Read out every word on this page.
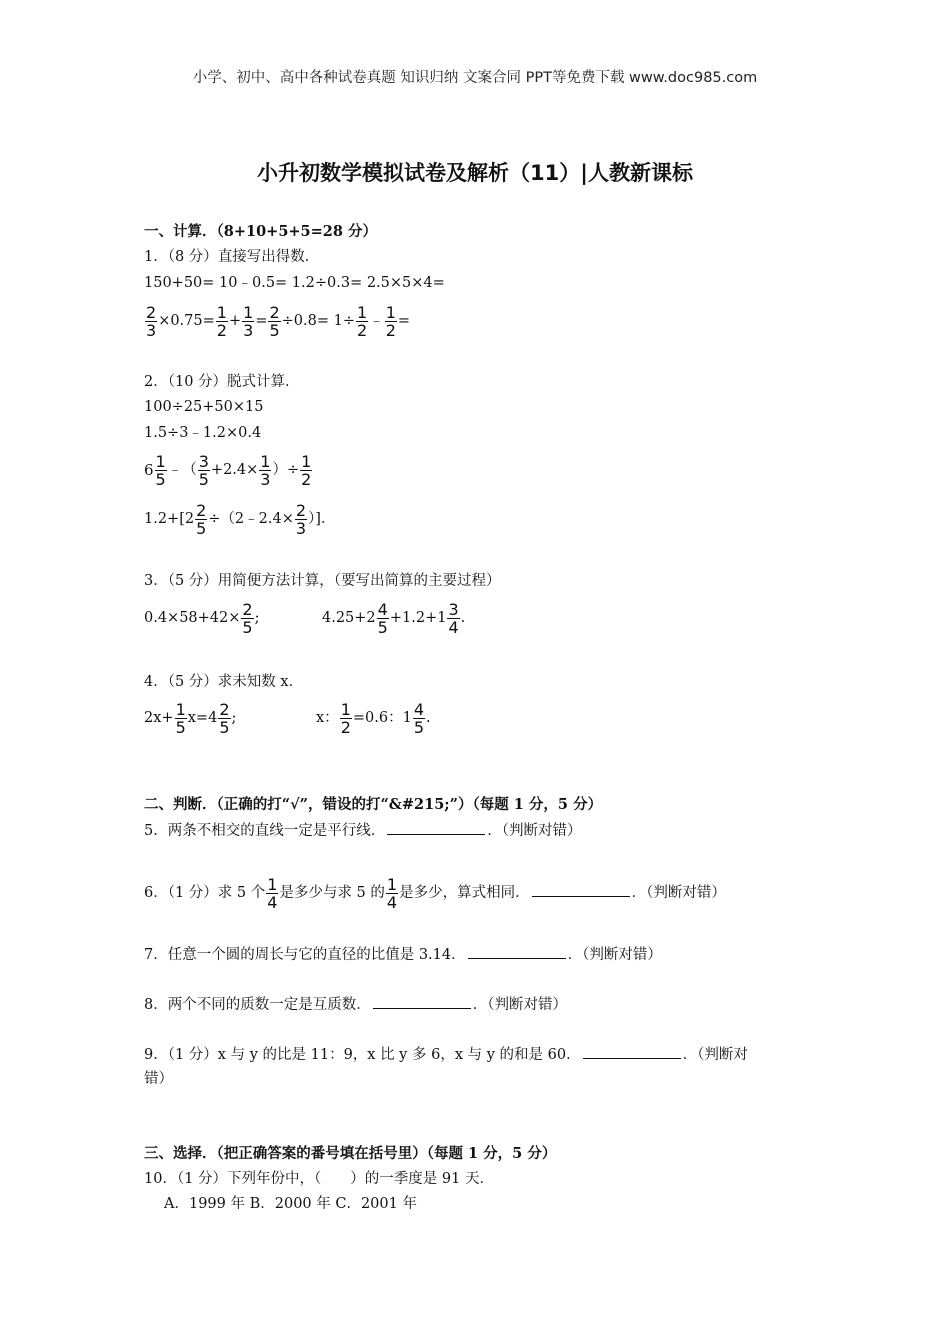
小学、初中、高中各种试卷真题 知识归纳 文案合同 PPT等免费下载 www.doc985.com
小升初数学模拟试卷及解析（11）|人教新课标
一、计算．（8+10+5+5=28 分）
1．（8 分）直接写出得数．
150+50= 10﹣0.5= 1.2÷0.3= 2.5×5×4=
$\frac{2}{3} \times 0.75= \frac{1}{2} + \frac{1}{3} = \frac{2}{5} \div 0.8= 1\div \frac{1}{2}$ ﹣ $\frac{1}{2}$ =
2．（10 分）脱式计算．
100÷25+50×15
1.5÷3﹣1.2×0.4
$6 \frac{1}{5}$ ﹣（ $\frac{3}{5} +2.4\times \frac{1}{3}$ ）÷ $\frac{1}{2}$
$1.2+[2 \frac{2}{5}$ ÷（2﹣2.4× $\frac{2}{3}$ ）]．
3．（5 分）用简便方法计算，（要写出简算的主要过程）
$0.4\times 58+42\times \frac{2}{5}$ ;	$4.25+2 \frac{4}{5} +1.2+1 \frac{3}{4}$ .
4．（5 分）求未知数 x．
$2x+ \frac{1}{5} x=4 \frac{2}{5}$ ;	x： $\frac{1}{2} =0.6$：$1 \frac{4}{5}$ .
二、判断．（正确的打“√”，错设的打“&#215;”）（每题 1 分，5 分）
5．两条不相交的直线一定是平行线．	．（判断对错）
6．（1 分）求 5 个 $\frac{1}{4}$ 是多少与求 5 的 $\frac{1}{4}$ 是多少，算式相同．	．（判断对错）
7．任意一个圆的周长与它的直径的比值是 3.14．	．（判断对错）
8．两个不同的质数一定是互质数．	．（判断对错）
9．（1 分）x 与 y 的比是 11：9，x 比 y 多 6，x 与 y 的和是 60．	．（判断对
错）
三、选择．（把正确答案的番号填在括号里）（每题 1 分，5 分）
10．（1 分）下列年份中，（　　）的一季度是 91 天．
A．1999 年 B．2000 年 C．2001 年
